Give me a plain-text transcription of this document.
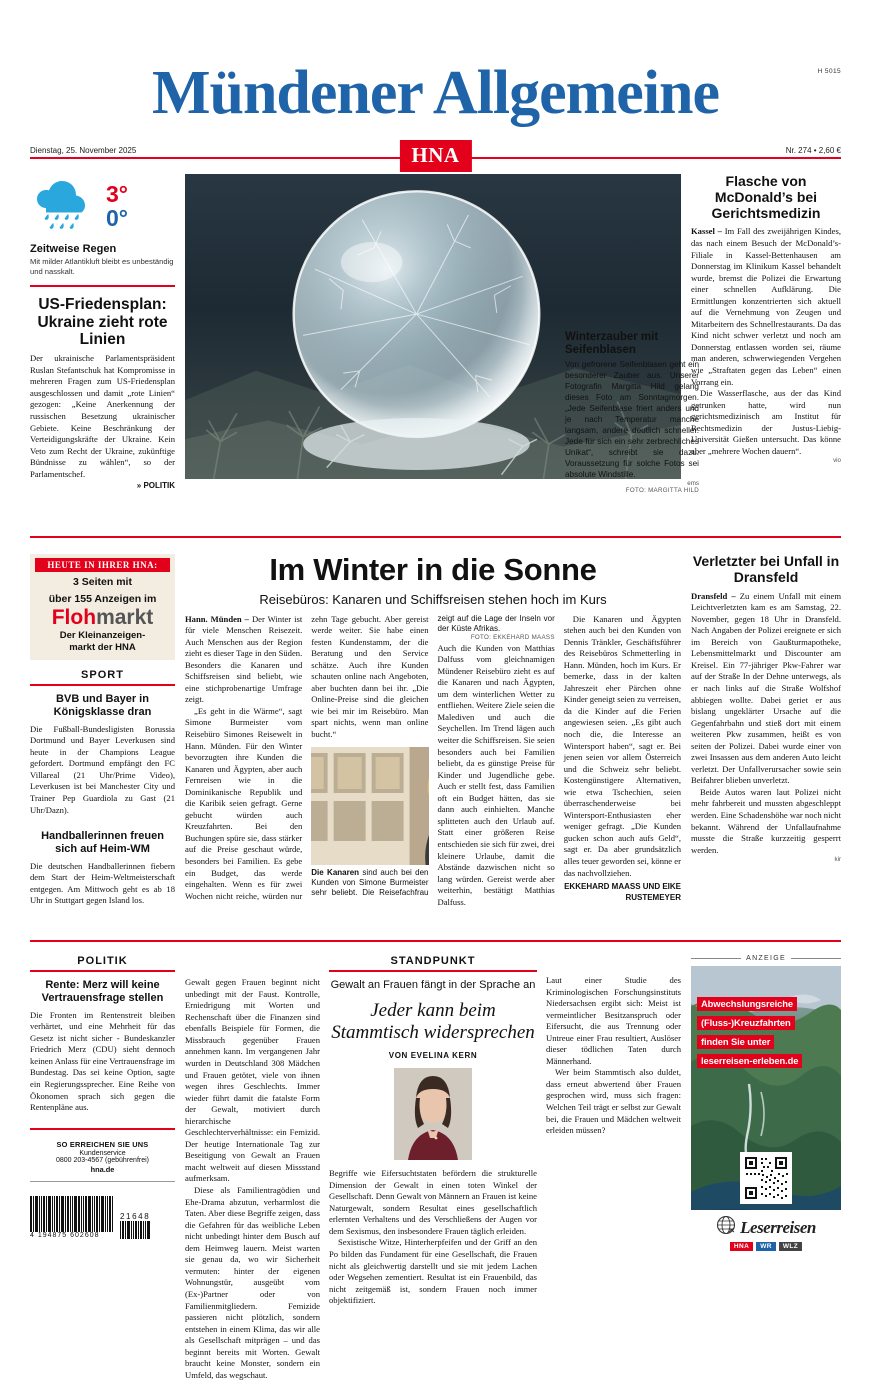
H 5015
Mündener Allgemeine
Dienstag, 25. November 2025	Nr. 274 • 2,60 €
HNA
3°
0°
Zeitweise Regen
Mit milder Atlantikluft bleibt es unbeständig und nasskalt.
US-Friedensplan: Ukraine zieht rote Linien
Der ukrainische Parlamentspräsident Ruslan Stefantschuk hat Kompromisse in mehreren Fragen zum US-Friedensplan ausgeschlossen und damit „rote Linien“ gezogen: „Keine Anerkennung der russischen Besetzung ukrainischer Gebiete. Keine Beschränkung der Verteidigungskräfte der Ukraine. Kein Veto zum Recht der Ukraine, zukünftige Bündnisse zu wählen“, so der Parlamentschef.
» POLITIK
Flasche von McDonald’s bei Gerichtsmedizin

Kassel – Im Fall des zweijährigen Kindes, das nach einem Besuch der McDonald’s-Filiale in Kassel-Bettenhausen am Donnerstag im Klinikum Kassel behandelt wurde, bremst die Polizei die Erwartung einer schnellen Aufklärung. Die Ermittlungen konzentrierten sich aktuell auf die Vernehmung von Zeugen und Mitarbeitern des Schnellrestaurants. Da das Kind nicht schwer verletzt und noch am Donnerstag entlassen worden sei, räume man anderen, schwerwiegenden Vergehen wie „Straftaten gegen das Leben“ einen Vorrang ein.

Die Wasserflasche, aus der das Kind getrunken hatte, wird nun gerichtsmedizinisch am Institut für Rechtsmedizin der Justus-Liebig-Universität Gießen untersucht. Das könne aber „mehrere Wochen dauern“.

vio
Winterzauber mit Seifenblasen
Von gefrorene Seifenblasen geht ein besonderer Zauber aus. Unserer Fotografin Margitta Hild gelang dieses Foto am Sonntagmorgen. „Jede Seifenblase friert anders und je nach Temperatur manche langsam, andere deutlich schneller. Jede für sich ein sehr zerbrechliches Unikat“, schreibt sie dazu. Voraussetzung für solche Fotos sei absolute Windstille.
ems
FOTO: MARGITTA HILD
HEUTE IN IHRER HNA:
3 Seiten mit
über 155 Anzeigen im
Flohmarkt
Der Kleinanzeigen-
markt der HNA
SPORT
BVB und Bayer in Königsklasse dran
Die Fußball-Bundesligisten Borussia Dortmund und Bayer Leverkusen sind heute in der Champions League gefordert. Dortmund empfängt den FC Villareal (21 Uhr/Prime Video), Leverkusen ist bei Manchester City und Trainer Pep Guardiola zu Gast (21 Uhr/Dazn).
Handballerinnen freuen sich auf Heim-WM
Die deutschen Handballerinnen fiebern dem Start der Heim-Weltmeisterschaft entgegen. Am Mittwoch geht es ab 18 Uhr in Stuttgart gegen Island los.
Im Winter in die Sonne
Reisebüros: Kanaren und Schiffsreisen stehen hoch im Kurs

Hann. Münden – Der Winter ist für viele Menschen Reisezeit. Auch Menschen aus der Region zieht es dieser Tage in den Süden. Besonders die Kanaren und Schiffsreisen sind beliebt, wie eine stichprobenartige Umfrage zeigt.

„Es geht in die Wärme“, sagt Simone Burmeister vom Reisebüro Simones Reisewelt in Hann. Münden. Für den Winter bevorzugten ihre Kunden die Kanaren und Ägypten, aber auch Fernreisen wie in die Dominikanische Republik und die Karibik seien gefragt. Gerne gebucht würden auch Kreuzfahrten. Bei den Buchungen spüre sie, dass stärker auf die Preise geschaut würde, besonders bei Familien. Es gebe ein Budget, das werde eingehalten. Wenn es für zwei Wochen nicht reiche, würden nur zehn Tage gebucht. Aber gereist werde weiter. Sie habe einen festen Kundenstamm, der die Beratung und den Service schätze. Auch ihre Kunden schauten online nach Angeboten, aber buchten dann bei ihr. „Die Online-Preise sind die gleichen wie bei mir im Reisebüro. Man spart nichts, wenn man online bucht.“

Die Kanaren sind auch bei den Kunden von Simone Burmeister sehr beliebt. Die Reisefachfrau zeigt auf die Lage der Inseln vor der Küste Afrikas.
FOTO: EKKEHARD MAASS

Auch die Kunden von Matthias Dalfuss vom gleichnamigen Mündener Reisebüro zieht es auf die Kanaren und nach Ägypten, um dem winterlichen Wetter zu entfliehen. Weitere Ziele seien die Malediven und auch die Seychellen. Im Trend lägen auch weiter die Schiffsreisen. Sie seien besonders auch bei Familien beliebt, da es günstige Preise für Kinder und Jugendliche gebe. Auch er stellt fest, dass Familien oft ein Budget hätten, das sie dann auch einhielten. Manche splitteten auch den Urlaub auf. Statt einer größeren Reise entschieden sie sich für zwei, drei kleinere Urlaube, damit die Abstände dazwischen nicht so lang würden. Gereist werde aber weiterhin, bestätigt Matthias Dalfuss.

Die Kanaren und Ägypten stehen auch bei den Kunden von Dennis Tränkler, Geschäftsführer des Reisebüros Schmetterling in Hann. Münden, hoch im Kurs. Er bemerke, dass in der kalten Jahreszeit eher Pärchen ohne Kinder geneigt seien zu verreisen, da die Kinder auf die Ferien angewiesen seien. „Es gibt auch noch die, die Interesse an Wintersport haben“, sagt er. Bei jenen seien vor allem Österreich und die Schweiz sehr beliebt. Kostengünstigere Alternativen, wie etwa Tschechien, seien überraschenderweise bei Wintersport-Enthusiasten eher weniger gefragt. „Die Kunden gucken schon auch aufs Geld“, sagt er. Da aber grundsätzlich alles teuer geworden sei, könne er das nachvollziehen.

EKKEHARD MAASS UND EIKE RUSTEMEYER
Verletzter bei Unfall in Dransfeld

Dransfeld – Zu einem Unfall mit einem Leichtverletzten kam es am Samstag, 22. November, gegen 18 Uhr in Dransfeld. Nach Angaben der Polizei ereignete er sich im Bereich von Gaußturmapotheke, Lebensmittelmarkt und Discounter am Kreisel. Ein 77-jähriger Pkw-Fahrer war auf der Straße In der Dehne unterwegs, als er nach links auf die Straße Wolfshof abbiegen wollte. Dabei geriet er aus bislang ungeklärter Ursache auf die Gegenfahrbahn und stieß dort mit einem weiteren Pkw zusammen, heißt es von seiten der Polizei. Dabei wurde einer von zwei Insassen aus dem anderen Auto leicht verletzt. Der Unfallverursacher sowie sein Beifahrer blieben unverletzt.

Beide Autos waren laut Polizei nicht mehr fahrbereit und mussten abgeschleppt werden. Eine Schadenshöhe war noch nicht bekannt. Während der Unfallaufnahme musste die Straße kurzzeitig gesperrt werden.

kir
POLITIK
Rente: Merz will keine Vertrauensfrage stellen
Die Fronten im Rentenstreit bleiben verhärtet, und eine Mehrheit für das Gesetz ist nicht sicher - Bundeskanzler Friedrich Merz (CDU) sieht dennoch keinen Anlass für eine Vertrauensfrage im Bundestag. Das sei keine Option, sagte ein Regierungssprecher. Eine Reihe von Ökonomen sprach sich gegen die Rentenpläne aus.
SO ERREICHEN SIE UNS
Kundenservice
0800 203-4567 (gebührenfrei)
hna.de
4 194875 602608
21648
Gewalt gegen Frauen beginnt nicht unbedingt mit der Faust. Kontrolle, Erniedrigung mit Worten und Rechenschaft über die Finanzen sind ebenfalls Beispiele für Formen, die Missbrauch gegenüber Frauen annehmen kann. Im vergangenen Jahr wurden in Deutschland 308 Mädchen und Frauen getötet, viele von ihnen wegen ihres Geschlechts. Immer wieder führt damit die fatalste Form der Gewalt, motiviert durch hierarchische Geschlechterverhältnisse: ein Femizid. Der heutige Internationale Tag zur Beseitigung von Gewalt an Frauen macht weltweit auf diesen Missstand aufmerksam.
Diese als Familientragödien und Ehe-Drama abzutun, verharmlost die Taten. Aber diese Begriffe zeigen, dass die Gefahren für das weibliche Leben nicht unbedingt hinter dem Busch auf dem Heimweg lauern. Meist warten sie genau da, wo wir Sicherheit vermuten: hinter der eigenen Wohnungstür, ausgeübt vom (Ex-)Partner oder von Familienmitgliedern. Femizide passieren nicht plötzlich, sondern entstehen in einem Klima, das wir alle als Gesellschaft mitprägen – und das beginnt bereits mit Worten. Gewalt braucht keine Monster, sondern ein Umfeld, das wegschaut.
STANDPUNKT
Gewalt an Frauen fängt in der Sprache an
Jeder kann beim Stammtisch widersprechen
VON EVELINA KERN

Begriffe wie Eifersuchtstaten befördern die strukturelle Dimension der Gewalt in einen toten Winkel der Gesellschaft. Denn Gewalt von Männern an Frauen ist keine Naturgewalt, sondern Resultat eines gesellschaftlich erlernten Verhaltens und des Verschließens der Augen vor dem Sexismus, den insbesondere Frauen täglich erleiden.

Sexistische Witze, Hinterherpfeifen und der Griff an den Po bilden das Fundament für eine Gesellschaft, die Frauen nicht als gleichwertig darstellt und sie mit jedem Lachen oder Wegsehen zementiert. Resultat ist ein Frauenbild, das nicht zeitgemäß ist, sondern Frauen noch immer objektifiziert.

Laut einer Studie des Kriminologischen Forschungsinstituts Niedersachsen ergibt sich: Meist ist vermeintlicher Besitzanspruch oder Eifersucht, die aus Trennung oder Untreue einer Frau resultiert, Auslöser dieser tödlichen Taten durch Männerhand.
Wer beim Stammtisch also duldet, dass erneut abwertend über Frauen gesprochen wird, muss sich fragen: Welchen Teil trägt er selbst zur Gewalt bei, die Frauen und Mädchen weltweit erleiden müssen?
ANZEIGE
Abwechslungsreiche
(Fluss-)Kreuzfahrten
finden Sie unter
leserreisen-erleben.de
Leserreisen
HNA	WR	WLZ
